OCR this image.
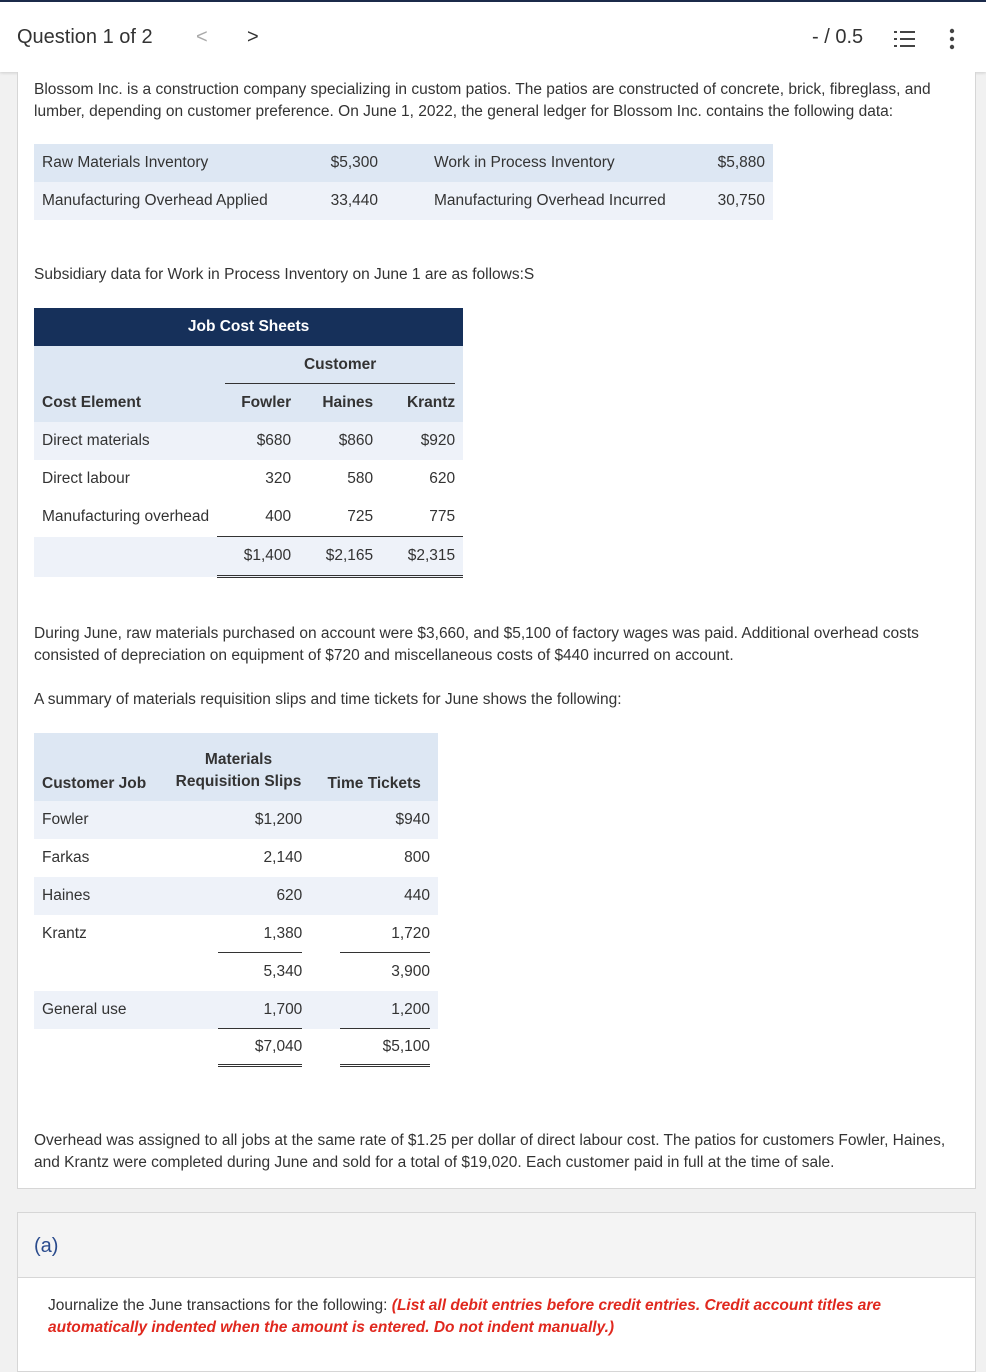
Question 1 of 2 < >	- / 0.5
Blossom Inc. is a construction company specializing in custom patios. The patios are constructed of concrete, brick, fibreglass, and lumber, depending on customer preference. On June 1, 2022, the general ledger for Blossom Inc. contains the following data:
Raw Materials Inventory	$5,300		Work in Process Inventory	$5,880
Manufacturing Overhead Applied	33,440		Manufacturing Overhead Incurred	30,750
Subsidiary data for Work in Process Inventory on June 1 are as follows:S
Job Cost Sheets			
	Customer		
Cost Element	Fowler	Haines	Krantz
Direct materials	$680	$860	$920
Direct labour	320	580	620
Manufacturing overhead	400	725	775
	$1,400	$2,165	$2,315
During June, raw materials purchased on account were $3,660, and $5,100 of factory wages was paid. Additional overhead costs consisted of depreciation on equipment of $720 and miscellaneous costs of $440 incurred on account.
A summary of materials requisition slips and time tickets for June shows the following:
Customer Job	Materials
Requisition Slips	Time Tickets
Fowler	$1,200	$940
Farkas	2,140	800
Haines	620	440
Krantz	1,380	1,720
	5,340	3,900
General use	1,700	1,200
	$7,040	$5,100
Overhead was assigned to all jobs at the same rate of $1.25 per dollar of direct labour cost. The patios for customers Fowler, Haines, and Krantz were completed during June and sold for a total of $19,020. Each customer paid in full at the time of sale.
(a)
Journalize the June transactions for the following: (List all debit entries before credit entries. Credit account titles are automatically indented when the amount is entered. Do not indent manually.)
